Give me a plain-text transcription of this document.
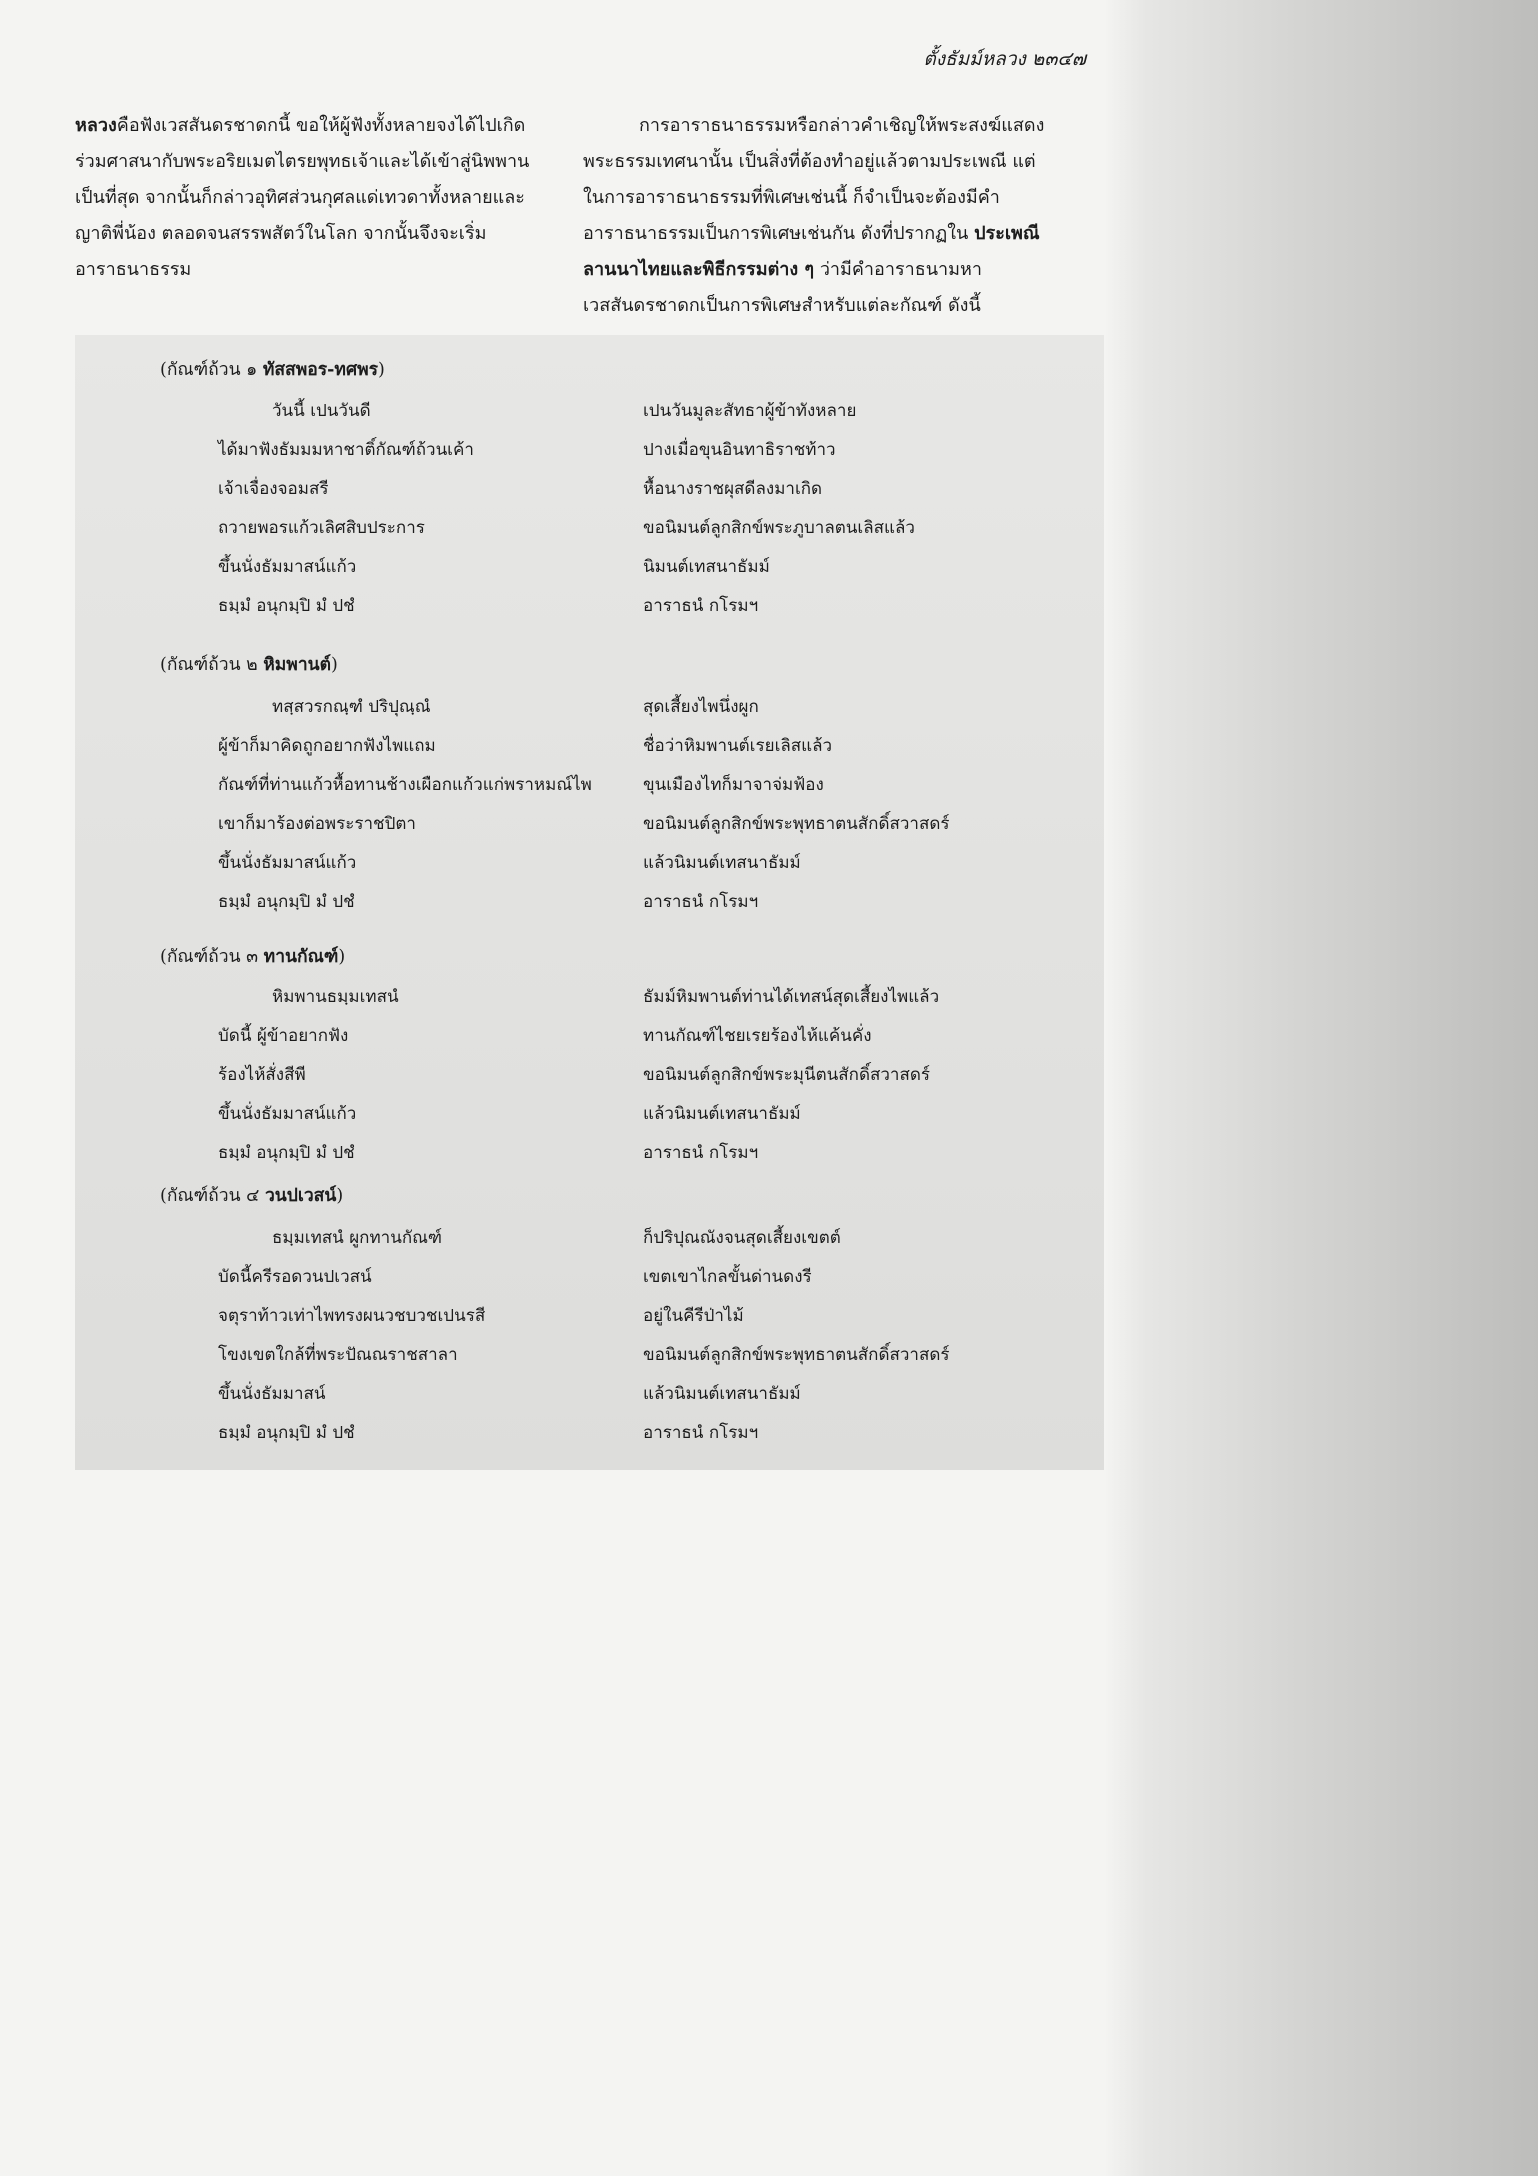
ตั้งธัมม์หลวง ๒๓๔๗

หลวงคือฟังเวสสันดรชาดกนี้ ขอให้ผู้ฟังทั้งหลายจงได้ไปเกิดร่วมศาสนากับพระอริยเมตไตรยพุทธเจ้าและได้เข้าสู่นิพพานเป็นที่สุด จากนั้นก็กล่าวอุทิศส่วนกุศลแด่เทวดาทั้งหลายและญาติพี่น้อง ตลอดจนสรรพสัตว์ในโลก จากนั้นจึงจะเริ่มอาราธนาธรรม

การอาราธนาธรรมหรือกล่าวคำเชิญให้พระสงฆ์แสดงพระธรรมเทศนานั้น เป็นสิ่งที่ต้องทำอยู่แล้วตามประเพณี แต่ในการอาราธนาธรรมที่พิเศษเช่นนี้ ก็จำเป็นจะต้องมีคำอาราธนาธรรมเป็นการพิเศษเช่นกัน ดังที่ปรากฏใน ประเพณีลานนาไทยและพิธีกรรมต่าง ๆ ว่ามีคำอาราธนามหาเวสสันดรชาดกเป็นการพิเศษสำหรับแต่ละกัณฑ์ ดังนี้

(กัณฑ์ถ้วน ๑ ทัสสพอร-ทศพร)
วันนี้ เปนวันดี
ได้มาฟังธัมมมหาชาติ์กัณฑ์ถ้วนเค้า
เจ้าเจื่องจอมสรี
ถวายพอรแก้วเลิศสิบประการ
ขึ้นนั่งธัมมาสน์แก้ว
ธมฺมํ อนุกมฺปิ มํ ปชํ
เปนวันมูละสัทธาผู้ข้าทังหลาย
ปางเมื่อขุนอินทาธิราชท้าว
หื้อนางราชผุสดีลงมาเกิด
ขอนิมนต์ลูกสิกข์พระภูบาลตนเลิสแล้ว
นิมนต์เทสนาธัมม์
อาราธนํ กโรมฯ
(กัณฑ์ถ้วน ๒ หิมพานต์)
ทสฺสวรกณฺฑํ ปริปุณฺณํ
ผู้ข้าก็มาคิดถูกอยากฟังไพแถม
กัณฑ์ที่ท่านแก้วหื้อทานช้างเผือกแก้วแก่พราหมณ์ไพ
เขาก็มาร้องต่อพระราชปิตา
ขึ้นนั่งธัมมาสน์แก้ว
ธมฺมํ อนุกมฺปิ มํ ปชํ
สุดเสี้ยงไพนึ่งผูก
ชื่อว่าหิมพานต์เรยเลิสแล้ว
ขุนเมืองไทก็มาจาจ่มฟ้อง
ขอนิมนต์ลูกสิกข์พระพุทธาตนสักดิ์สวาสดร์
แล้วนิมนต์เทสนาธัมม์
อาราธนํ กโรมฯ
(กัณฑ์ถ้วน ๓ ทานกัณฑ์)
หิมพานธมฺมเทสนํ
บัดนี้ ผู้ข้าอยากฟัง
ร้องไห้สั่งสีพี
ขึ้นนั่งธัมมาสน์แก้ว
ธมฺมํ อนุกมฺปิ มํ ปชํ
ธัมม์หิมพานต์ท่านได้เทสน์สุดเสี้ยงไพแล้ว
ทานกัณฑ์ไชยเรยร้องไห้แค้นคั่ง
ขอนิมนต์ลูกสิกข์พระมุนีตนสักดิ์สวาสดร์
แล้วนิมนต์เทสนาธัมม์
อาราธนํ กโรมฯ
(กัณฑ์ถ้วน ๔ วนปเวสน์)
ธมฺมเทสนํ ผูกทานกัณฑ์
บัดนี้ครีรอดวนปเวสน์
จตุราท้าวเท่าไพทรงผนวชบวชเปนรสี
โขงเขตใกล้ที่พระปัณณราชสาลา
ขึ้นนั่งธัมมาสน์
ธมฺมํ อนุกมฺปิ มํ ปชํ
ก็ปริปุณณังจนสุดเสี้ยงเขตต์
เขตเขาไกลขั้นด่านดงรี
อยู่ในคีรีป่าไม้
ขอนิมนต์ลูกสิกข์พระพุทธาตนสักดิ์สวาสดร์
แล้วนิมนต์เทสนาธัมม์
อาราธนํ กโรมฯ
